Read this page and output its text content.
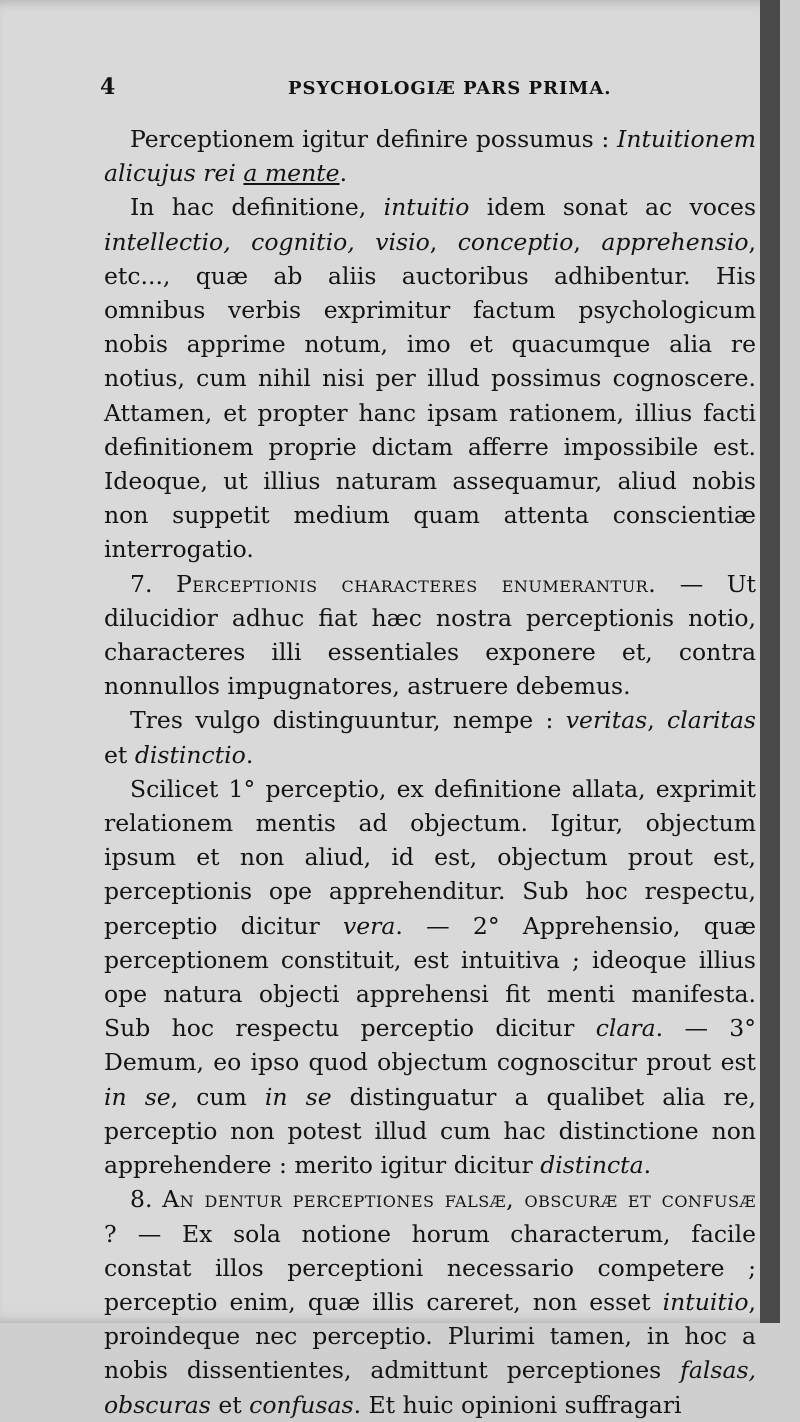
4	PSYCHOLOGIÆ PARS PRIMA.

Perceptionem igitur definire possumus : Intuitionem alicujus rei a mente.

In hac definitione, intuitio idem sonat ac voces intellectio, cognitio, visio, conceptio, apprehensio, etc..., quæ ab aliis auctoribus adhibentur. His omnibus verbis exprimitur factum psychologicum nobis apprime notum, imo et quacumque alia re notius, cum nihil nisi per illud possimus cognoscere. Attamen, et propter hanc ipsam rationem, illius facti definitionem proprie dictam afferre impossibile est. Ideoque, ut illius naturam assequamur, aliud nobis non suppetit medium quam attenta conscientiæ interrogatio.

7. Perceptionis characteres enumerantur. — Ut dilucidior adhuc fiat hæc nostra perceptionis notio, characteres illi essentiales exponere et, contra nonnullos impugnatores, astruere debemus.

Tres vulgo distinguuntur, nempe : veritas, claritas et distinctio.

Scilicet 1° perceptio, ex definitione allata, exprimit relationem mentis ad objectum. Igitur, objectum ipsum et non aliud, id est, objectum prout est, perceptionis ope apprehenditur. Sub hoc respectu, perceptio dicitur vera. — 2° Apprehensio, quæ perceptionem constituit, est intuitiva ; ideoque illius ope natura objecti apprehensi fit menti manifesta. Sub hoc respectu perceptio dicitur clara. — 3° Demum, eo ipso quod objectum cognoscitur prout est in se, cum in se distinguatur a qualibet alia re, perceptio non potest illud cum hac distinctione non apprehendere : merito igitur dicitur distincta.

8. An dentur perceptiones falsæ, obscuræ et confusæ ? — Ex sola notione horum characterum, facile constat illos perceptioni necessario competere ; perceptio enim, quæ illis careret, non esset intuitio, proindeque nec perceptio. Plurimi tamen, in hoc a nobis dissentientes, admittunt perceptiones falsas, obscuras et confusas. Et huic opinioni suffragari
